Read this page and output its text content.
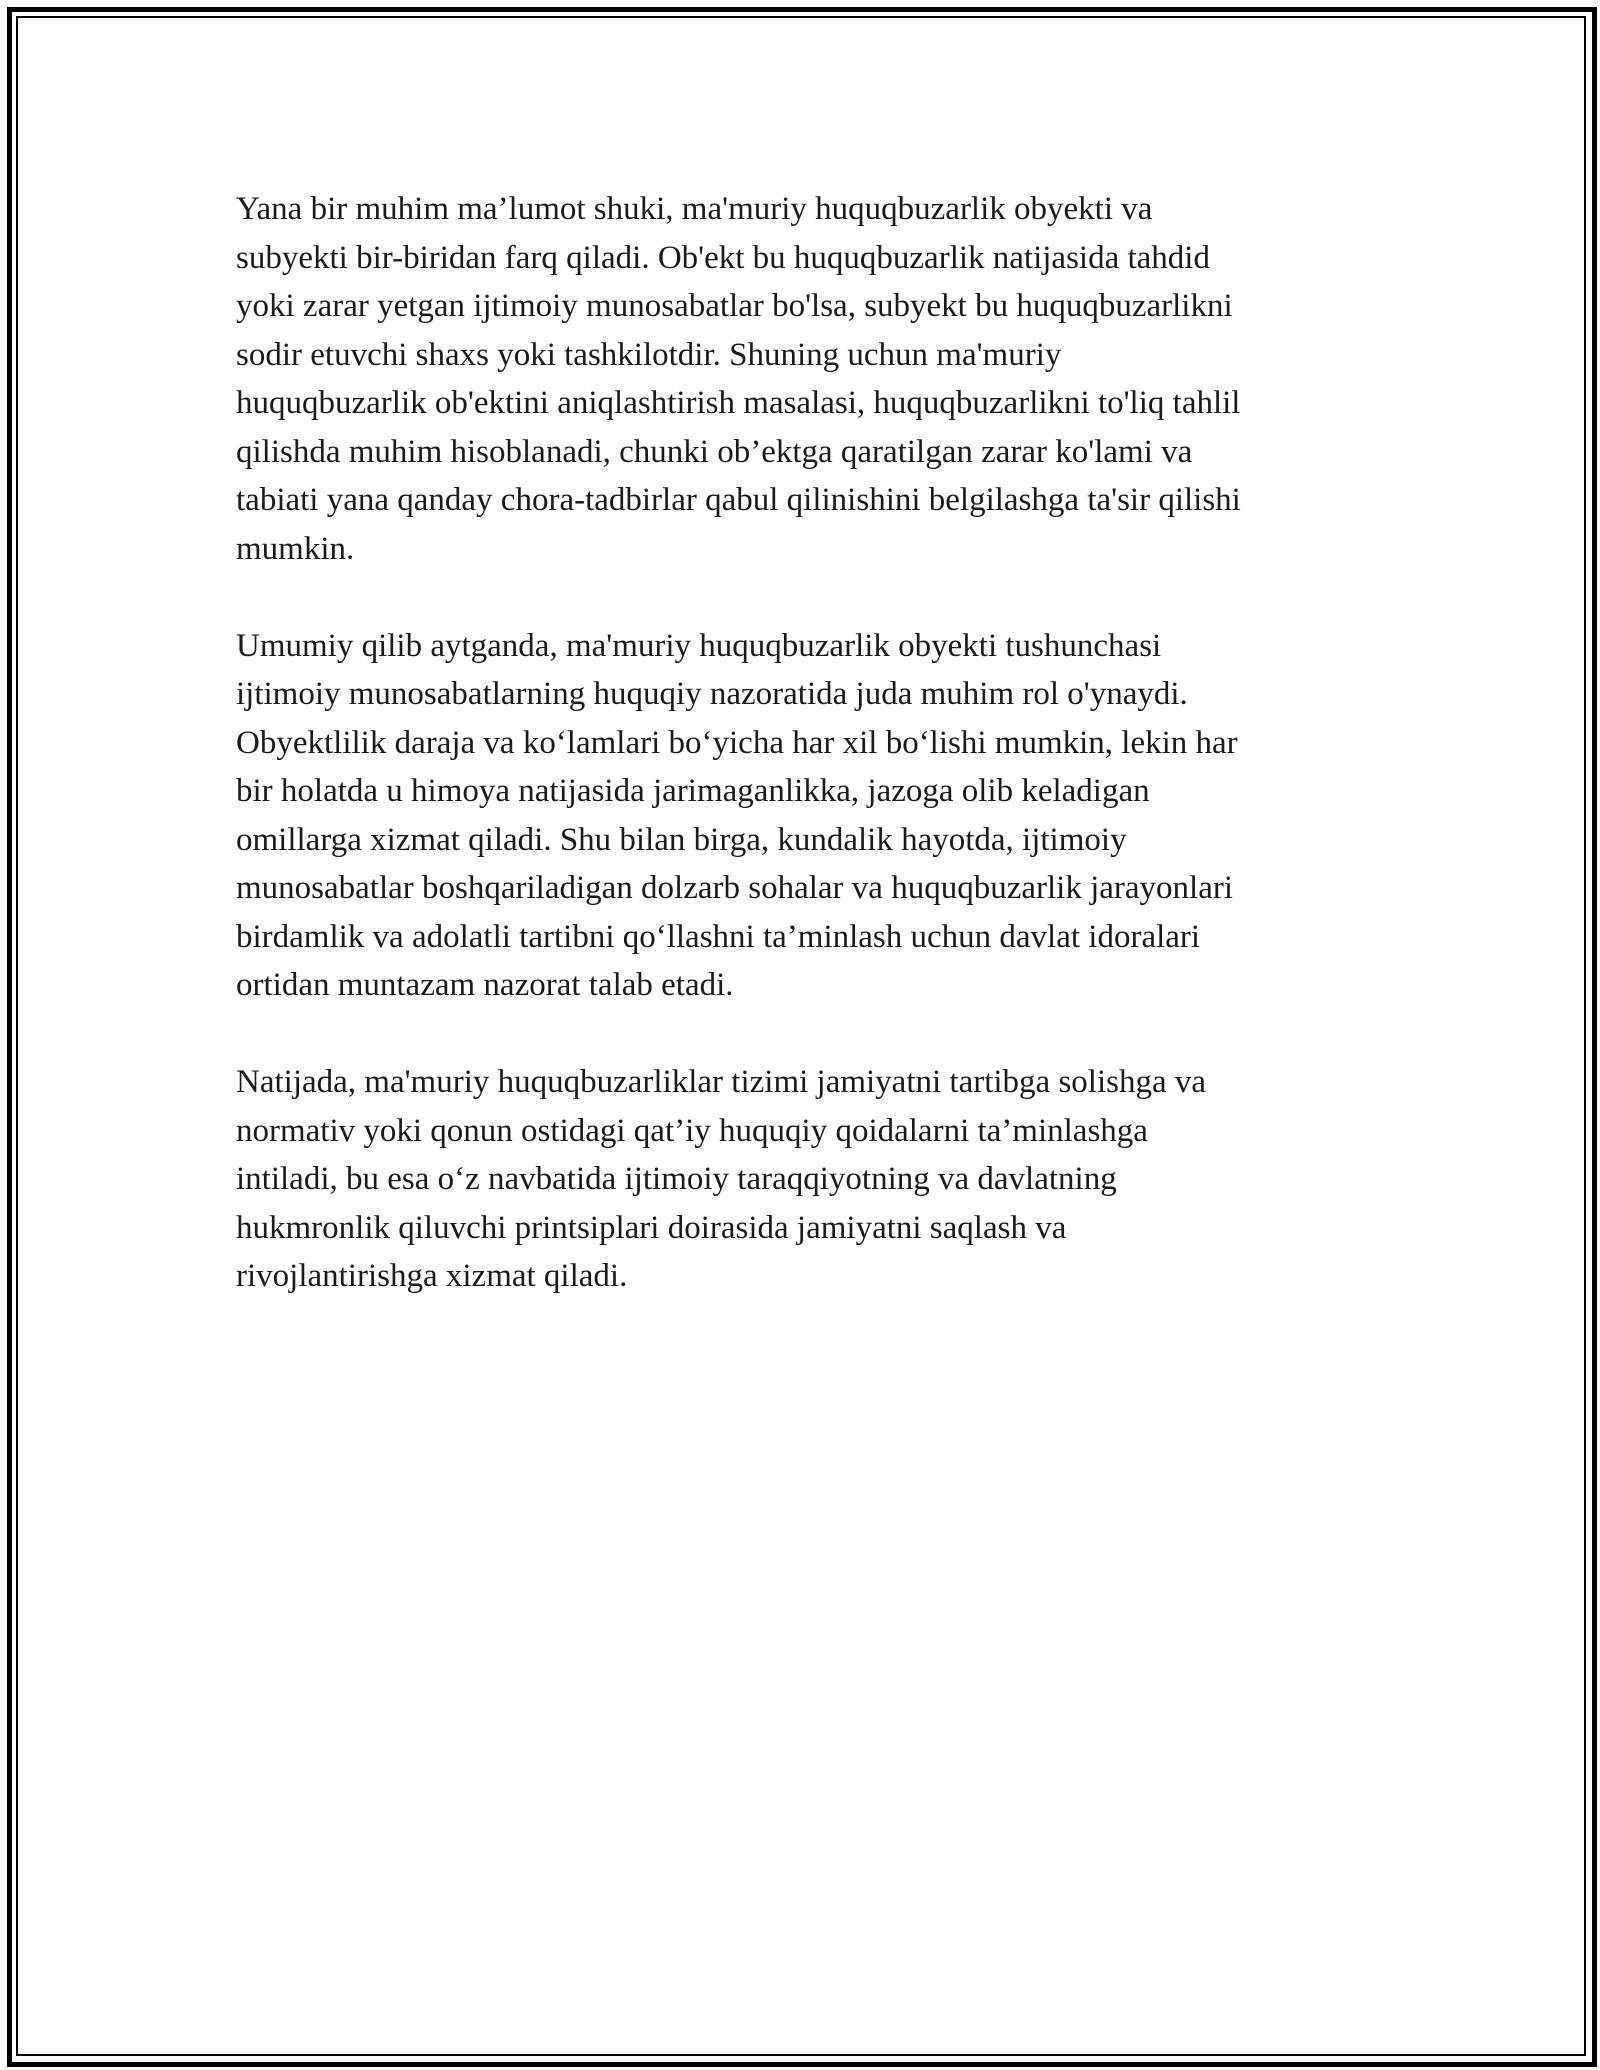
Yana bir muhim ma’lumot shuki, ma'muriy huquqbuzarlik obyekti va
subyekti bir-biridan farq qiladi. Ob'ekt bu huquqbuzarlik natijasida tahdid
yoki zarar yetgan ijtimoiy munosabatlar bo'lsa, subyekt bu huquqbuzarlikni
sodir etuvchi shaxs yoki tashkilotdir. Shuning uchun ma'muriy
huquqbuzarlik ob'ektini aniqlashtirish masalasi, huquqbuzarlikni to'liq tahlil
qilishda muhim hisoblanadi, chunki ob’ektga qaratilgan zarar ko'lami va
tabiati yana qanday chora-tadbirlar qabul qilinishini belgilashga ta'sir qilishi
mumkin.

Umumiy qilib aytganda, ma'muriy huquqbuzarlik obyekti tushunchasi
ijtimoiy munosabatlarning huquqiy nazoratida juda muhim rol o'ynaydi.
Obyektlilik daraja va ko‘lamlari bo‘yicha har xil bo‘lishi mumkin, lekin har
bir holatda u himoya natijasida jarimaganlikka, jazoga olib keladigan
omillarga xizmat qiladi. Shu bilan birga, kundalik hayotda, ijtimoiy
munosabatlar boshqariladigan dolzarb sohalar va huquqbuzarlik jarayonlari
birdamlik va adolatli tartibni qo‘llashni ta’minlash uchun davlat idoralari
ortidan muntazam nazorat talab etadi.

Natijada, ma'muriy huquqbuzarliklar tizimi jamiyatni tartibga solishga va
normativ yoki qonun ostidagi qat’iy huquqiy qoidalarni ta’minlashga
intiladi, bu esa o‘z navbatida ijtimoiy taraqqiyotning va davlatning
hukmronlik qiluvchi printsiplari doirasida jamiyatni saqlash va
rivojlantirishga xizmat qiladi.
